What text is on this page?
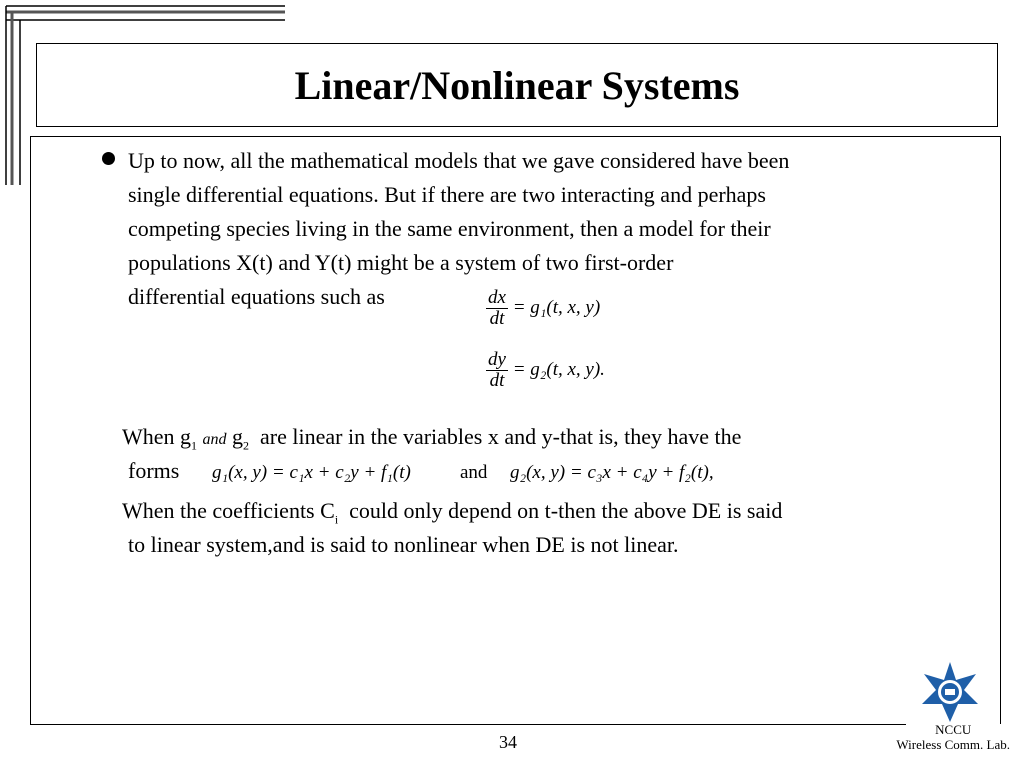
Linear/Nonlinear Systems
Up to now, all the mathematical models that we gave considered have been
single differential equations. But if there are two interacting and perhaps
competing species living in the same environment, then a model for their
populations X(t) and Y(t) might be a system of two first-order
differential equations such as	$\frac{dx}{dt} = g_1(t$, x, y)
$\frac{dy}{dt} = g_2(t$, x, y).
When $g_1$ and $g_2$ are linear in the variables x and y-that is, they have the
forms g₁(x, y) = c₁x + c₂y + f₁(t)	and g₂(x, y) = c₃x + c₄y + f₂(t),
When the coefficients $C_i$ could only depend on t-then the above DE is said
to linear system,and is said to nonlinear when DE is not linear.
34
NCCU
Wireless Comm. Lab.
